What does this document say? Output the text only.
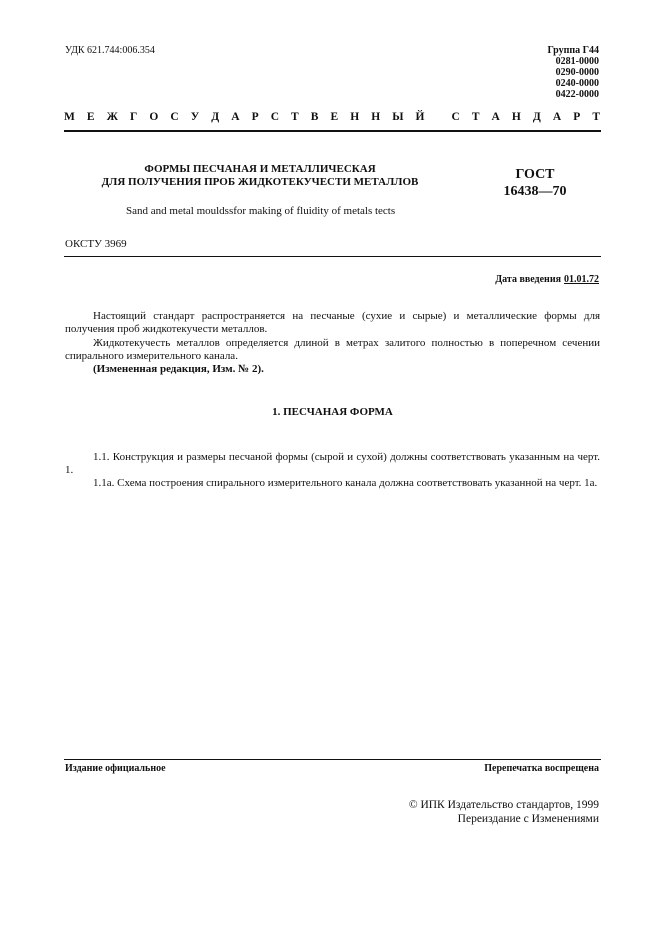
УДК 621.744:006.354	Группа Г44
0281-0000
0290-0000
0240-0000
0422-0000
М Е Ж Г О С У Д А Р С Т В Е Н Н Ы Й
С Т А Н Д А Р Т
ФОРМЫ ПЕСЧАНАЯ И МЕТАЛЛИЧЕСКАЯ
ДЛЯ ПОЛУЧЕНИЯ ПРОБ ЖИДКОТЕКУЧЕСТИ МЕТАЛЛОВ	ГОСТ
16438—70
Sand and metal mouldssfor making of fluidity of metals tects
ОКСТУ 3969
Дата введения 01.01.72
Настоящий стандарт распространяется на песчаные (сухие и сырые) и металлические формы для получения проб жидкотекучести металлов.
Жидкотекучесть металлов определяется длиной в метрах залитого полностью в поперечном сечении спирального измерительного канала.
(Измененная редакция, Изм. № 2).
1. ПЕСЧАНАЯ ФОРМА
1.1. Конструкция и размеры песчаной формы (сырой и сухой) должны соответствовать указанным на черт. 1.
1.1а. Схема построения спирального измерительного канала должна соответствовать указанной на черт. 1а.
Издание официальное	Перепечатка воспрещена
© ИПК Издательство стандартов, 1999
Переиздание с Изменениями
